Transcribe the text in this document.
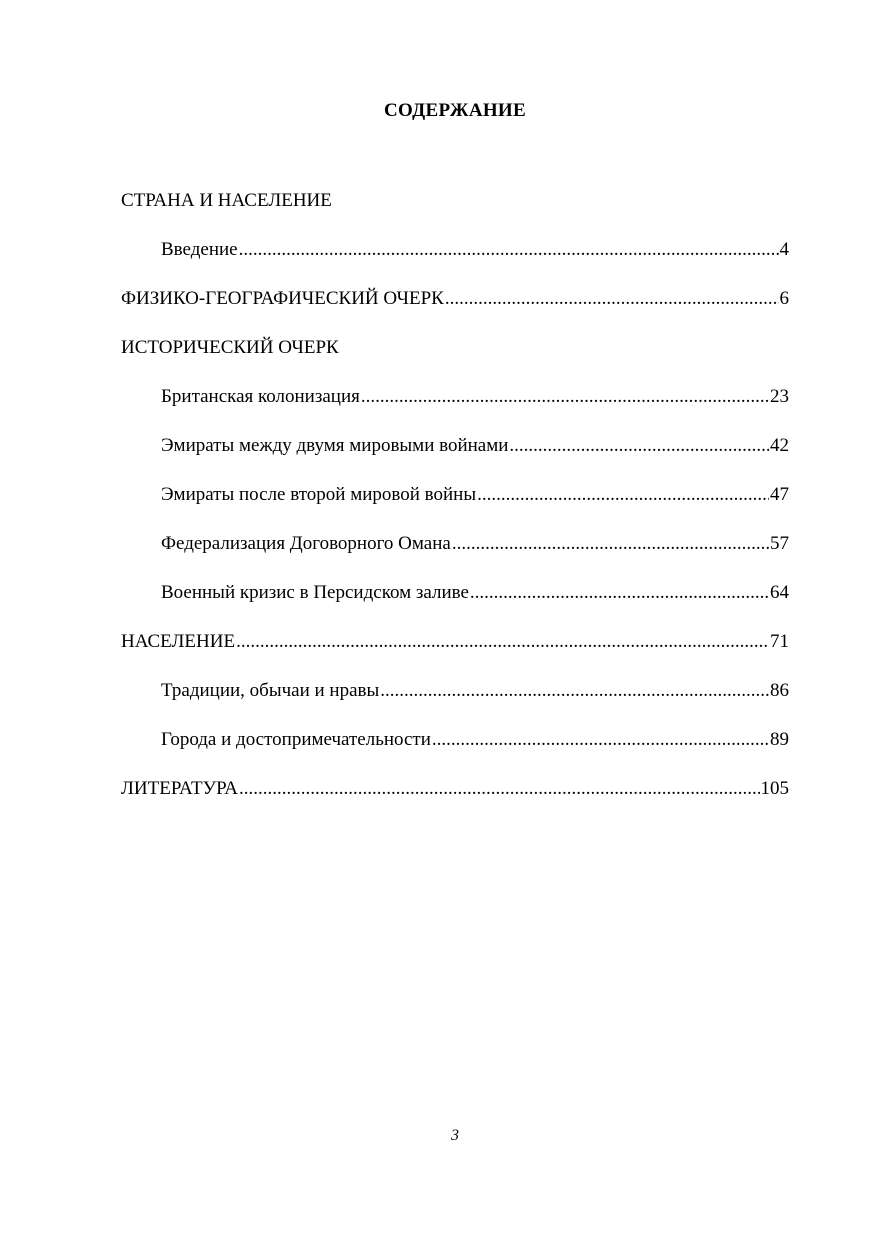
СОДЕРЖАНИЕ
СТРАНА И НАСЕЛЕНИЕ
Введение .....	4
ФИЗИКО-ГЕОГРАФИЧЕСКИЙ ОЧЕРК .....	6
ИСТОРИЧЕСКИЙ ОЧЕРК
Британская колонизация .....	23
Эмираты между двумя мировыми войнами .....	42
Эмираты после второй мировой войны .....	47
Федерализация Договорного Омана .....	57
Военный кризис в Персидском заливе .....	64
НАСЕЛЕНИЕ .....	71
Традиции, обычаи и нравы .....	86
Города и достопримечательности .....	89
ЛИТЕРАТУРА .....	105
3
